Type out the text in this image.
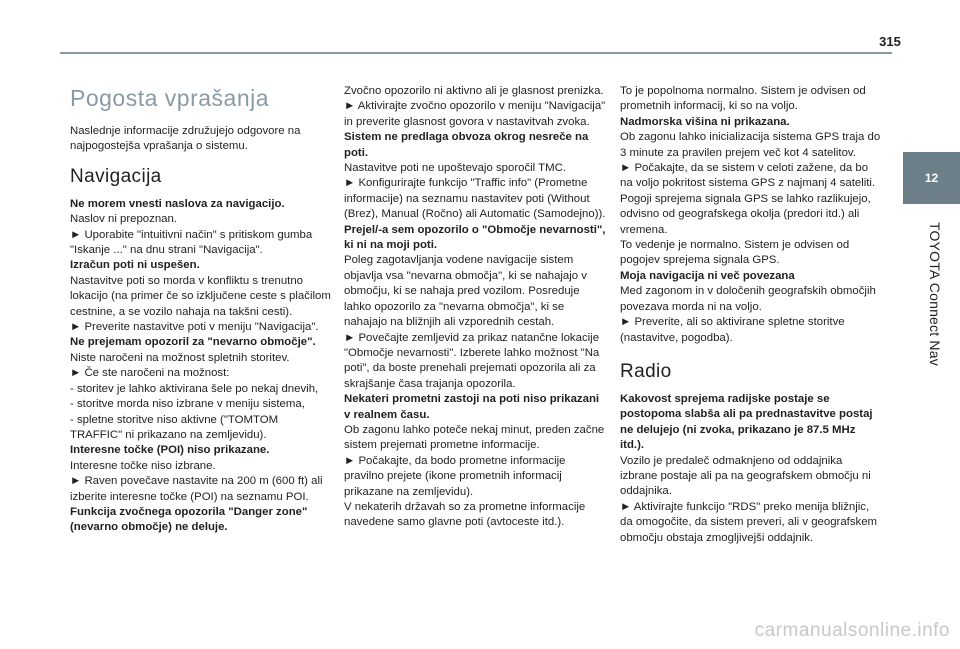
315
12
TOYOTA Connect Nav
Pogosta vprašanja

Naslednje informacije združujejo odgovore na najpogostejša vprašanja o sistemu.

Navigacija

Ne morem vnesti naslova za navigacijo.

Naslov ni prepoznan.

► Uporabite "intuitivni način" s pritiskom gumba "Iskanje ..." na dnu strani "Navigacija".

Izračun poti ni uspešen.

Nastavitve poti so morda v konfliktu s trenutno lokacijo (na primer če so izključene ceste s plačilom cestnine, a se vozilo nahaja na takšni cesti).

► Preverite nastavitve poti v meniju "Navigacija".

Ne prejemam opozoril za "nevarno območje".

Niste naročeni na možnost spletnih storitev.

► Če ste naročeni na možnost:

- storitev je lahko aktivirana šele po nekaj dnevih,

- storitve morda niso izbrane v meniju sistema,

- spletne storitve niso aktivne ("TOMTOM TRAFFIC" ni prikazano na zemljevidu).

Interesne točke (POI) niso prikazane.

Interesne točke niso izbrane.

► Raven povečave nastavite na 200 m (600 ft) ali izberite interesne točke (POI) na seznamu POI.

Funkcija zvočnega opozorila "Danger zone" (nevarno območje) ne deluje.

Zvočno opozorilo ni aktivno ali je glasnost prenizka.

► Aktivirajte zvočno opozorilo v meniju "Navigacija" in preverite glasnost govora v nastavitvah zvoka.

Sistem ne predlaga obvoza okrog nesreče na poti.

Nastavitve poti ne upoštevajo sporočil TMC.

► Konfigurirajte funkcijo "Traffic info" (Prometne informacije) na seznamu nastavitev poti (Without (Brez), Manual (Ročno) ali Automatic (Samodejno)).

Prejel/-a sem opozorilo o "Območje nevarnosti", ki ni na moji poti.

Poleg zagotavljanja vodene navigacije sistem objavlja vsa "nevarna območja", ki se nahajajo v območju, ki se nahaja pred vozilom. Posreduje lahko opozorilo za "nevarna območja", ki se nahajajo na bližnjih ali vzporednih cestah.

► Povečajte zemljevid za prikaz natančne lokacije "Območje nevarnosti". Izberete lahko možnost "Na poti", da boste prenehali prejemati opozorila ali za skrajšanje časa trajanja opozorila.

Nekateri prometni zastoji na poti niso prikazani v realnem času.

Ob zagonu lahko poteče nekaj minut, preden začne sistem prejemati prometne informacije.

► Počakajte, da bodo prometne informacije pravilno prejete (ikone prometnih informacij prikazane na zemljevidu).

V nekaterih državah so za prometne informacije navedene samo glavne poti (avtoceste itd.).

To je popolnoma normalno. Sistem je odvisen od prometnih informacij, ki so na voljo.

Nadmorska višina ni prikazana.

Ob zagonu lahko inicializacija sistema GPS traja do 3 minute za pravilen prejem več kot 4 satelitov.

► Počakajte, da se sistem v celoti zažene, da bo na voljo pokritost sistema GPS z najmanj 4 sateliti.

Pogoji sprejema signala GPS se lahko razlikujejo, odvisno od geografskega okolja (predori itd.) ali vremena.

To vedenje je normalno. Sistem je odvisen od pogojev sprejema signala GPS.

Moja navigacija ni več povezana

Med zagonom in v določenih geografskih območjih povezava morda ni na voljo.

► Preverite, ali so aktivirane spletne storitve (nastavitve, pogodba).

Radio

Kakovost sprejema radijske postaje se postopoma slabša ali pa prednastavitve postaj ne delujejo (ni zvoka, prikazano je 87.5 MHz itd.).

Vozilo je predaleč odmaknjeno od oddajnika izbrane postaje ali pa na geografskem območju ni oddajnika.

► Aktivirajte funkcijo "RDS" preko menija bližnjic, da omogočite, da sistem preveri, ali v geografskem območju obstaja zmogljivejši oddajnik.

carmanualsonline.info
